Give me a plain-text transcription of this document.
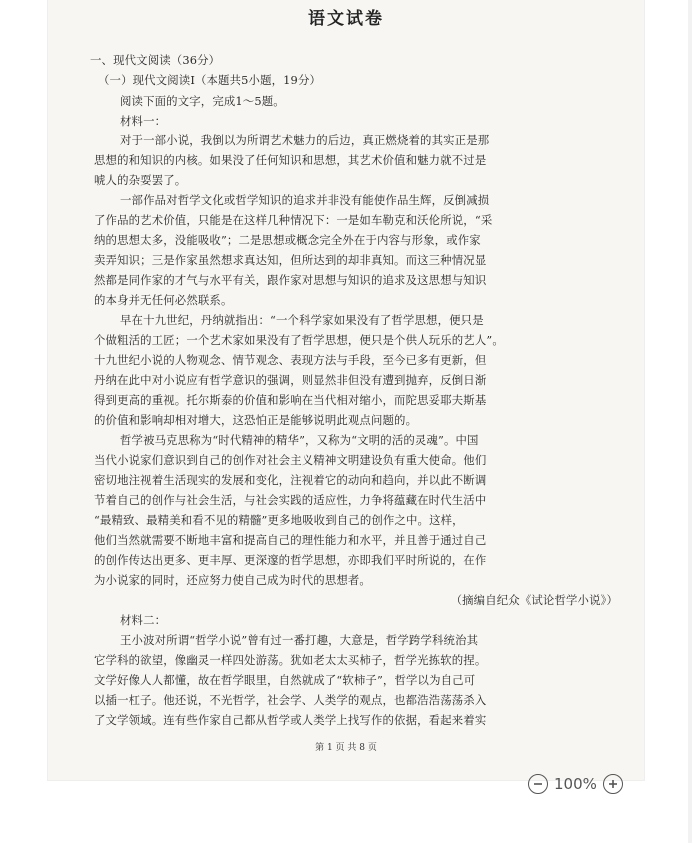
语文试卷
一、现代文阅读（36分）
（一）现代文阅读Ⅰ（本题共5小题，19分）
阅读下面的文字，完成1～5题。
材料一：
对于一部小说，我倒以为所谓艺术魅力的后边，真正燃烧着的其实正是那
思想的和知识的内核。如果没了任何知识和思想，其艺术价值和魅力就不过是
唬人的杂耍罢了。
一部作品对哲学文化或哲学知识的追求并非没有能使作品生辉，反倒减损
了作品的艺术价值，只能是在这样几种情况下：一是如车勒克和沃伦所说，“采
纳的思想太多，没能吸收”；二是思想或概念完全外在于内容与形象，或作家
卖弄知识；三是作家虽然想求真达知，但所达到的却非真知。而这三种情况显
然都是同作家的才气与水平有关，跟作家对思想与知识的追求及这思想与知识
的本身并无任何必然联系。
早在十九世纪，丹纳就指出：“一个科学家如果没有了哲学思想，便只是
个做粗活的工匠；一个艺术家如果没有了哲学思想，便只是个供人玩乐的艺人”。
十九世纪小说的人物观念、情节观念、表现方法与手段，至今已多有更新，但
丹纳在此中对小说应有哲学意识的强调，则显然非但没有遭到抛弃，反倒日渐
得到更高的重视。托尔斯泰的价值和影响在当代相对缩小，而陀思妥耶夫斯基
的价值和影响却相对增大，这恐怕正是能够说明此观点问题的。
哲学被马克思称为“时代精神的精华”，又称为“文明的活的灵魂”。中国
当代小说家们意识到自己的创作对社会主义精神文明建设负有重大使命。他们
密切地注视着生活现实的发展和变化，注视着它的动向和趋向，并以此不断调
节着自己的创作与社会生活，与社会实践的适应性，力争将蕴藏在时代生活中
“最精致、最精美和看不见的精髓”更多地吸收到自己的创作之中。这样，
他们当然就需要不断地丰富和提高自己的理性能力和水平，并且善于通过自己
的创作传达出更多、更丰厚、更深邃的哲学思想，亦即我们平时所说的，在作
为小说家的同时，还应努力使自己成为时代的思想者。
（摘编自纪众《试论哲学小说》）
材料二：
王小波对所谓“哲学小说”曾有过一番打趣，大意是，哲学跨学科统治其
它学科的欲望，像幽灵一样四处游荡。犹如老太太买柿子，哲学光拣软的捏。
文学好像人人都懂，故在哲学眼里，自然就成了“软柿子”，哲学以为自己可
以插一杠子。他还说，不光哲学，社会学、人类学的观点，也都浩浩荡荡杀入
了文学领域。连有些作家自己都从哲学或人类学上找写作的依据，看起来着实
第 1 页 共 8 页
100%
